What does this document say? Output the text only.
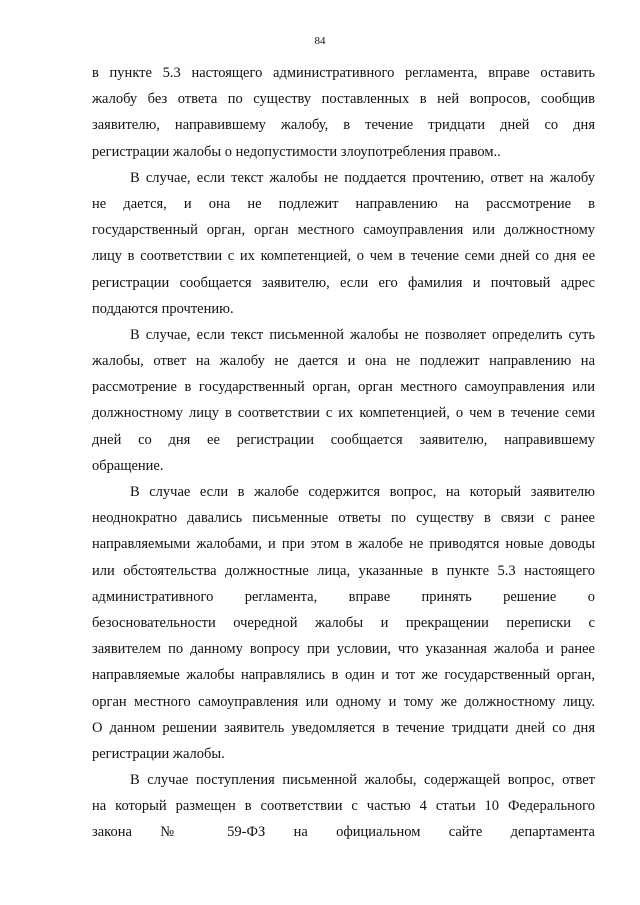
84
в пункте 5.3 настоящего административного регламента, вправе оставить
жалобу без ответа по существу поставленных в ней вопросов, сообщив
заявителю, направившему жалобу, в течение тридцати дней со дня
регистрации жалобы о недопустимости злоупотребления правом..
В случае, если текст жалобы не поддается прочтению, ответ на жалобу
не дается, и она не подлежит направлению на рассмотрение в
государственный орган, орган местного самоуправления или должностному
лицу в соответствии с их компетенцией, о чем в течение семи дней со дня ее
регистрации сообщается заявителю, если его фамилия и почтовый адрес
поддаются прочтению.
В случае, если текст письменной жалобы не позволяет определить суть
жалобы, ответ на жалобу не дается и она не подлежит направлению на
рассмотрение в государственный орган, орган местного самоуправления или
должностному лицу в соответствии с их компетенцией, о чем в течение семи
дней со дня ее регистрации сообщается заявителю, направившему
обращение.
В случае если в жалобе содержится вопрос, на который заявителю
неоднократно давались письменные ответы по существу в связи с ранее
направляемыми жалобами, и при этом в жалобе не приводятся новые доводы
или обстоятельства должностные лица, указанные в пункте 5.3 настоящего
административного регламента, вправе принять решение о
безосновательности очередной жалобы и прекращении переписки с
заявителем по данному вопросу при условии, что указанная жалоба и ранее
направляемые жалобы направлялись в один и тот же государственный орган,
орган местного самоуправления или одному и тому же должностному лицу.
О данном решении заявитель уведомляется в течение тридцати дней со дня
регистрации жалобы.
В случае поступления письменной жалобы, содержащей вопрос, ответ
на который размещен в соответствии с частью 4 статьи 10 Федерального
закона № 59-ФЗ на официальном сайте департамента
